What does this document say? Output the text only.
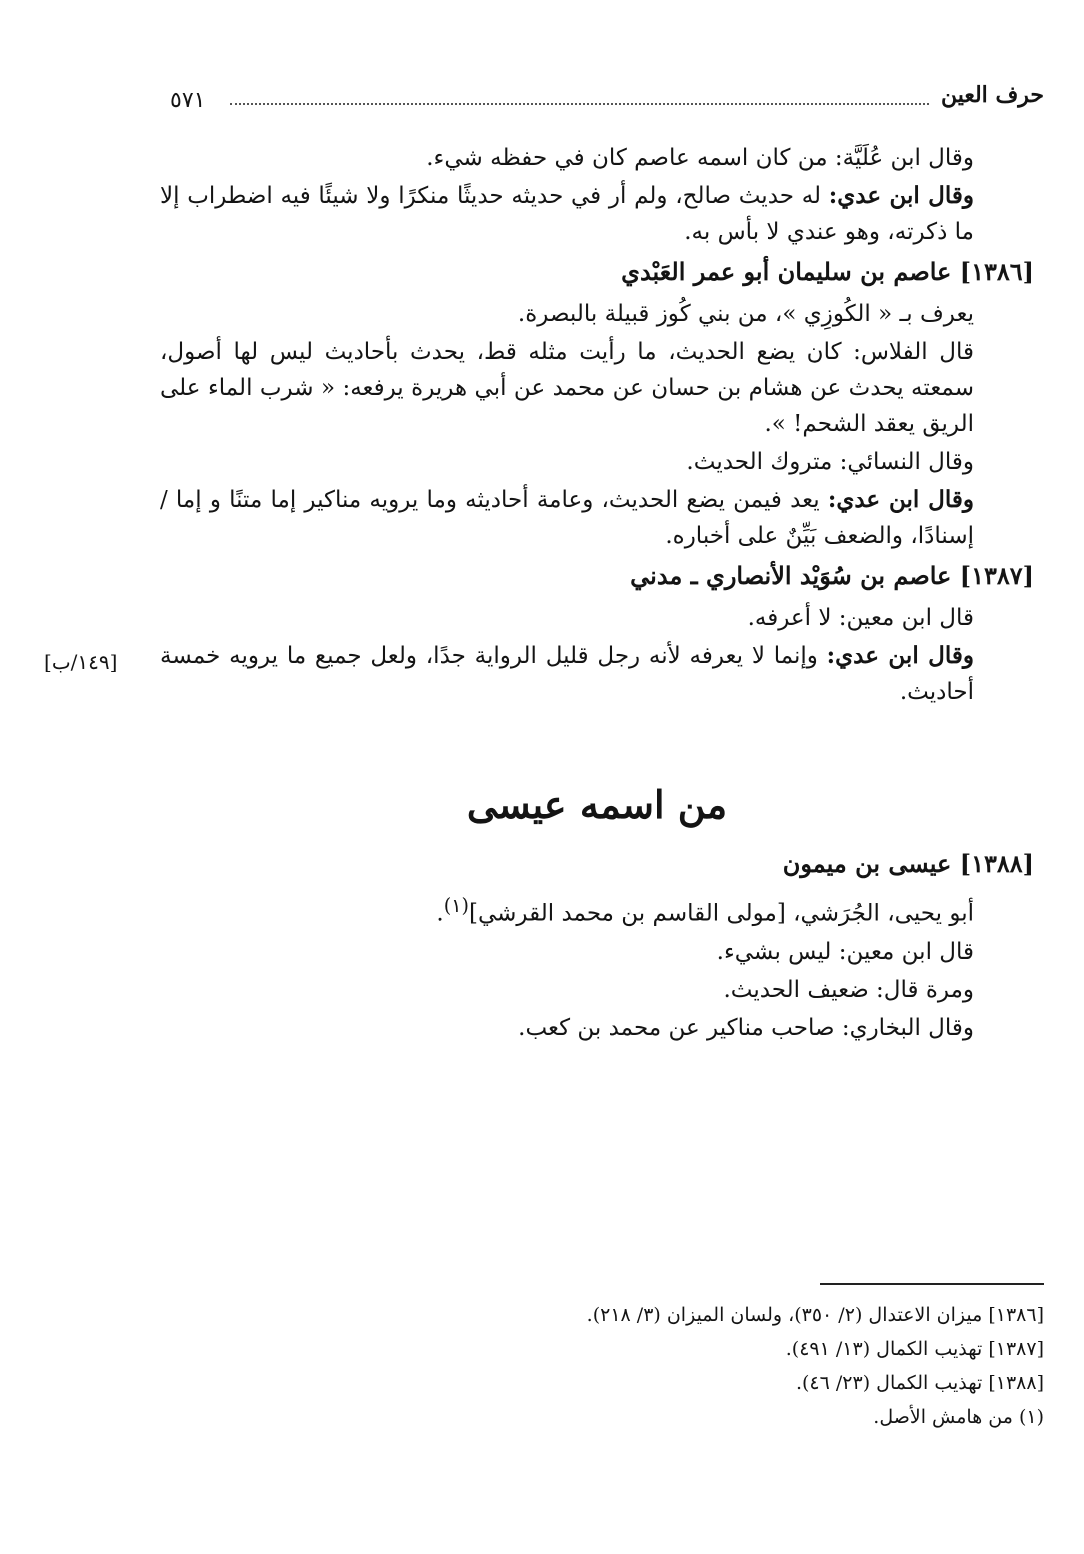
حرف العين
٥٧١

وقال ابن عُلَيَّة: من كان اسمه عاصم كان في حفظه شيء.

وقال ابن عدي: له حديث صالح، ولم أر في حديثه حديثًا منكرًا ولا شيئًا فيه اضطراب إلا ما ذكرته، وهو عندي لا بأس به.

[١٣٨٦] عاصم بن سليمان أبو عمر العَبْدي

يعرف بـ « الكُوزِي »، من بني كُوز قبيلة بالبصرة.

قال الفلاس: كان يضع الحديث، ما رأيت مثله قط، يحدث بأحاديث ليس لها أصول، سمعته يحدث عن هشام بن حسان عن محمد عن أبي هريرة يرفعه: « شرب الماء على الريق يعقد الشحم! ».

وقال النسائي: متروك الحديث.

وقال ابن عدي: يعد فيمن يضع الحديث، وعامة أحاديثه وما يرويه مناكير إما متنًا و إما / إسنادًا، والضعف بَيِّنٌ على أخباره.

[١٣٨٧] عاصم بن سُوَيْد الأنصاري ـ مدني

قال ابن معين: لا أعرفه.

وقال ابن عدي: وإنما لا يعرفه لأنه رجل قليل الرواية جدًا، ولعل جميع ما يرويه خمسة أحاديث.

من اسمه عيسى
[١٣٨٨] عيسى بن ميمون

أبو يحيى، الجُرَشي، [مولى القاسم بن محمد القرشي]$^{(١)}$.

قال ابن معين: ليس بشيء.

ومرة قال: ضعيف الحديث.

وقال البخاري: صاحب مناكير عن محمد بن كعب.

[١٤٩/ب]
[١٣٨٦] ميزان الاعتدال (٢/ ٣٥٠)، ولسان الميزان (٣/ ٢١٨).
[١٣٨٧] تهذيب الكمال (١٣/ ٤٩١).
[١٣٨٨] تهذيب الكمال (٢٣/ ٤٦).
(١) من هامش الأصل.
